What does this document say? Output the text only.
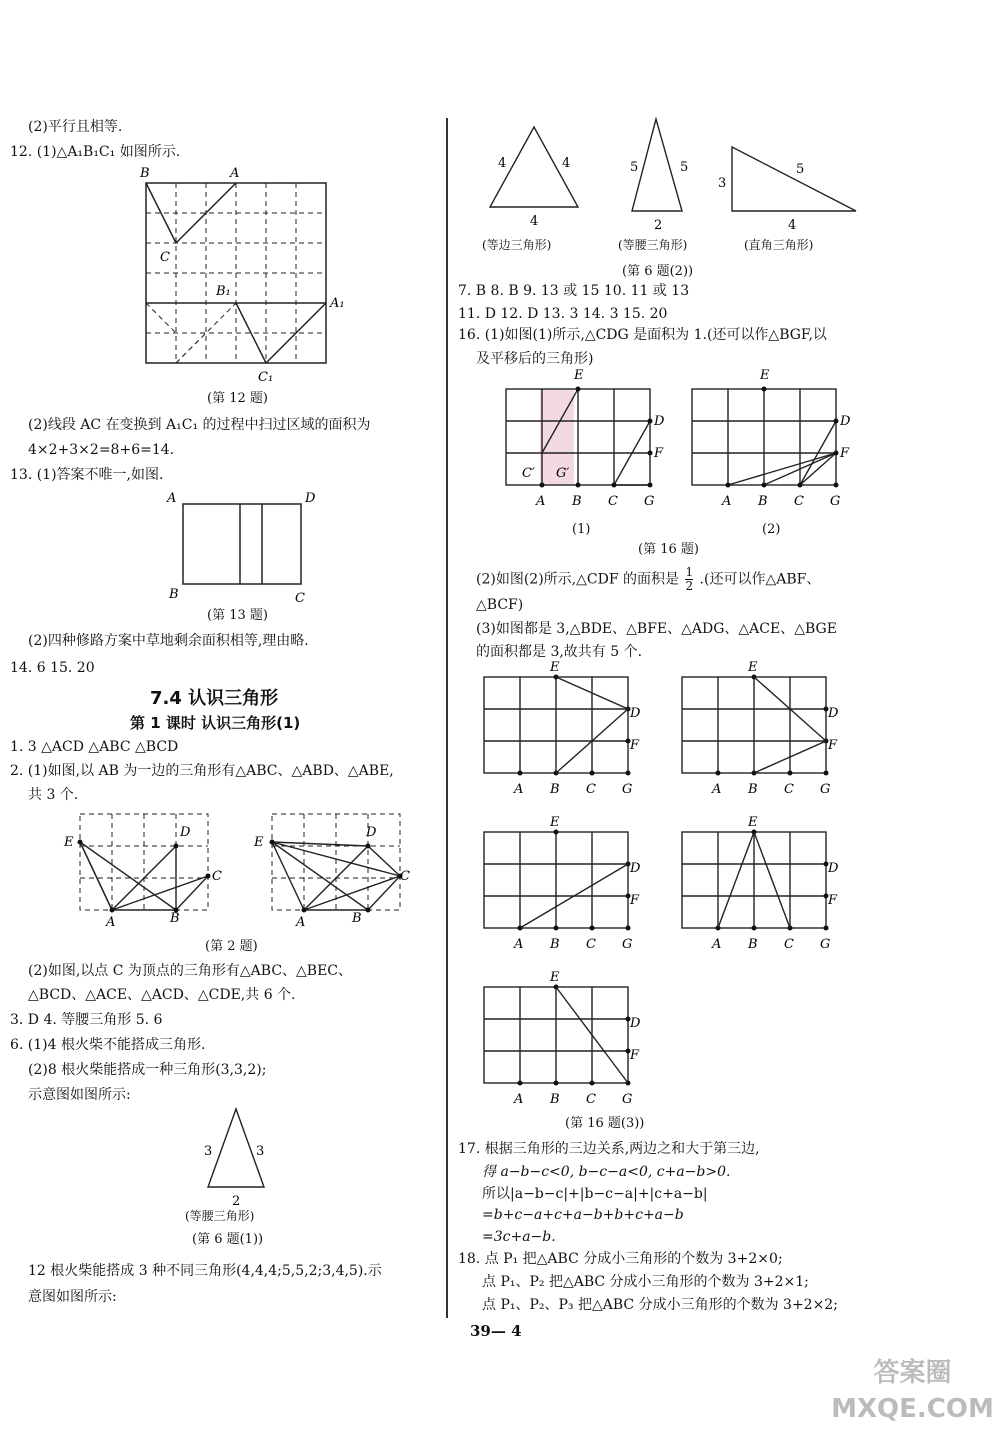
(2)平行且相等.
12. (1)△A₁B₁C₁ 如图所示.
B	A
C
B₁
A₁
C₁
(第 12 题)
(2)线段 AC 在变换到 A₁C₁ 的过程中扫过区域的面积为
4×2+3×2=8+6=14.
13. (1)答案不唯一,如图.
A	D
B	C
(第 13 题)
(2)四种修路方案中草地剩余面积相等,理由略.
14. 6 15. 20
7.4 认识三角形
第 1 课时 认识三角形(1)
1. 3 △ACD △ABC △BCD
2. (1)如图,以 AB 为一边的三角形有△ABC、△ABD、△ABE,
共 3 个.
E
D
C
A	B
E
D
C
A	B
(第 2 题)
(2)如图,以点 C 为顶点的三角形有△ABC、△BEC、
△BCD、△ACE、△ACD、△CDE,共 6 个.
3. D 4. 等腰三角形 5. 6
6. (1)4 根火柴不能搭成三角形.
(2)8 根火柴能搭成一种三角形(3,3,2);
示意图如图所示:
3	3
2
(等腰三角形)
(第 6 题(1))
12 根火柴能搭成 3 种不同三角形(4,4,4;5,5,2;3,4,5).示
意图如图所示:
4	4
4
5	5
2
3
5
4
(等边三角形)	(等腰三角形)	(直角三角形)
(第 6 题(2))
7. B 8. B 9. 13 或 15 10. 11 或 13
11. D 12. D 13. 3 14. 3 15. 20
16. (1)如图(1)所示,△CDG 是面积为 1.(还可以作△BGF,以
及平移后的三角形)
E
D
F
C′ G′
A B C G
E
D
F
A B C G
(1)	(2)
(第 16 题)
(2)如图(2)所示,△CDF 的面积是 $\frac{1}{2}$ .(还可以作△ABF、
△BCF)
(3)如图都是 3,△BDE、△BFE、△ADG、△ACE、△BGE
的面积都是 3,故共有 5 个.
E
D
F
A B C G
E
D
F
A B C G
E
D
F
A B C G
E
D
F
A B C G
E
D
F
A B C G
(第 16 题(3))
17. 根据三角形的三边关系,两边之和大于第三边,
得 a−b−c<0, b−c−a<0, c+a−b>0.
所以|a−b−c|+|b−c−a|+|c+a−b|
=b+c−a+c+a−b+b+c+a−b
=3c+a−b.
18. 点 P₁ 把△ABC 分成小三角形的个数为 3+2×0;
点 P₁、P₂ 把△ABC 分成小三角形的个数为 3+2×1;
点 P₁、P₂、P₃ 把△ABC 分成小三角形的个数为 3+2×2;
39— 4
答案圈 MXQE.COM
